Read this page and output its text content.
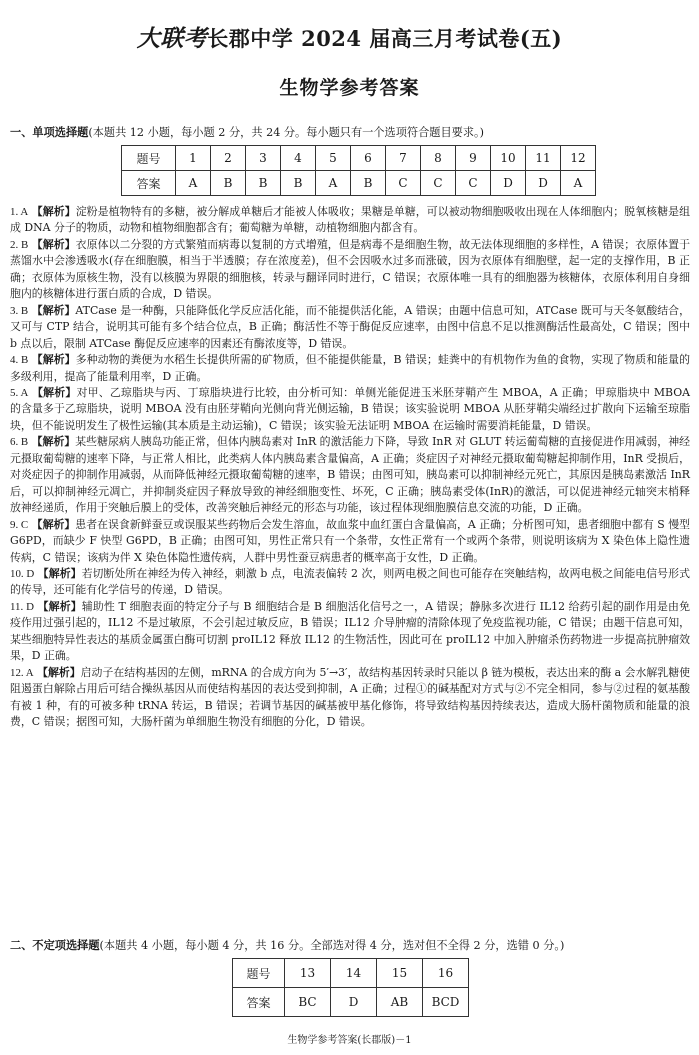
大联考长郡中学 2024 届高三月考试卷(五)
生物学参考答案
一、单项选择题(本题共 12 小题，每小题 2 分，共 24 分。每小题只有一个选项符合题目要求。)
题号	1	2	3	4	5	6	7	8	9	10	11	12
答案	A	B	B	B	A	B	C	C	C	D	D	A

1. A 【解析】淀粉是植物特有的多糖，被分解成单糖后才能被人体吸收；果糖是单糖，可以被动物细胞吸收出现在人体细胞内；脱氧核糖是组成 DNA 分子的物质，动物和植物细胞都含有；葡萄糖为单糖，动植物细胞内都含有。

2. B 【解析】衣原体以二分裂的方式繁殖而病毒以复制的方式增殖，但是病毒不是细胞生物，故无法体现细胞的多样性，A 错误；衣原体置于蒸馏水中会渗透吸水(存在细胞膜，相当于半透膜；存在浓度差)，但不会因吸水过多而涨破，因为衣原体有细胞壁，起一定的支撑作用，B 正确；衣原体为原核生物，没有以核膜为界限的细胞核，转录与翻译同时进行，C 错误；衣原体唯一具有的细胞器为核糖体，衣原体利用自身细胞内的核糖体进行蛋白质的合成，D 错误。

3. B 【解析】ATCase 是一种酶，只能降低化学反应活化能，而不能提供活化能，A 错误；由题中信息可知，ATCase 既可与天冬氨酸结合，又可与 CTP 结合，说明其可能有多个结合位点，B 正确；酶活性不等于酶促反应速率，由图中信息不足以推测酶活性最高处，C 错误；图中 b 点以后，限制 ATCase 酶促反应速率的因素还有酶浓度等，D 错误。

4. B 【解析】多种动物的粪便为水稻生长提供所需的矿物质，但不能提供能量，B 错误；蛙粪中的有机物作为鱼的食物，实现了物质和能量的多级利用，提高了能量利用率，D 正确。

5. A 【解析】对甲、乙琼脂块与丙、丁琼脂块进行比较，由分析可知：单侧光能促进玉米胚芽鞘产生 MBOA，A 正确；甲琼脂块中 MBOA 的含量多于乙琼脂块，说明 MBOA 没有由胚芽鞘向光侧向背光侧运输，B 错误；该实验说明 MBOA 从胚芽鞘尖端经过扩散向下运输至琼脂块，但不能说明发生了极性运输(其本质是主动运输)，C 错误；该实验无法证明 MBOA 在运输时需要消耗能量，D 错误。

6. B 【解析】某些糖尿病人胰岛功能正常，但体内胰岛素对 InR 的激活能力下降，导致 InR 对 GLUT 转运葡萄糖的直接促进作用减弱，神经元摄取葡萄糖的速率下降，与正常人相比，此类病人体内胰岛素含量偏高，A 正确；炎症因子对神经元摄取葡萄糖起抑制作用，InR 受损后，对炎症因子的抑制作用减弱，从而降低神经元摄取葡萄糖的速率，B 错误；由图可知，胰岛素可以抑制神经元死亡，其原因是胰岛素激活 InR 后，可以抑制神经元凋亡，并抑制炎症因子释放导致的神经细胞变性、坏死，C 正确；胰岛素受体(InR)的激活，可以促进神经元轴突末梢释放神经递质，作用于突触后膜上的受体，改善突触后神经元的形态与功能，该过程体现细胞膜信息交流的功能，D 正确。

9. C 【解析】患者在误食新鲜蚕豆或误服某些药物后会发生溶血，故血浆中血红蛋白含量偏高，A 正确；分析图可知，患者细胞中都有 S 慢型 G6PD，而缺少 F 快型 G6PD，B 正确；由图可知，男性正常只有一个条带，女性正常有一个或两个条带，则说明该病为 X 染色体上隐性遗传病，C 错误；该病为伴 X 染色体隐性遗传病，人群中男性蚕豆病患者的概率高于女性，D 正确。

10. D 【解析】若切断处所在神经为传入神经，刺激 b 点，电流表偏转 2 次，则两电极之间也可能存在突触结构，故两电极之间能电信号形式的传导，还可能有化学信号的传递，D 错误。

11. D 【解析】辅助性 T 细胞表面的特定分子与 B 细胞结合是 B 细胞活化信号之一，A 错误；静脉多次进行 IL12 给药引起的副作用是由免疫作用过强引起的，IL12 不是过敏原，不会引起过敏反应，B 错误；IL12 介导肿瘤的清除体现了免疫监视功能，C 错误；由题干信息可知，某些细胞特异性表达的基质金属蛋白酶可切割 proIL12 释放 IL12 的生物活性，因此可在 proIL12 中加入肿瘤杀伤药物进一步提高抗肿瘤效果，D 正确。

12. A 【解析】启动子在结构基因的左侧，mRNA 的合成方向为 5′→3′，故结构基因转录时只能以 β 链为模板，表达出来的酶 a 会水解乳糖使阻遏蛋白解除占用后可结合操纵基因从而使结构基因的表达受到抑制，A 正确；过程①的碱基配对方式与②不完全相同，参与②过程的氨基酸有被 1 种，有的可被多种 tRNA 转运，B 错误；若调节基因的碱基被甲基化修饰，将导致结构基因持续表达，造成大肠杆菌物质和能量的浪费，C 错误；据图可知，大肠杆菌为单细胞生物没有细胞的分化，D 错误。

二、不定项选择题(本题共 4 小题，每小题 4 分，共 16 分。全部选对得 4 分，选对但不全得 2 分，选错 0 分。)
题号	13	14	15	16
答案	BC	D	AB	BCD
生物学参考答案(长郡版)－1
